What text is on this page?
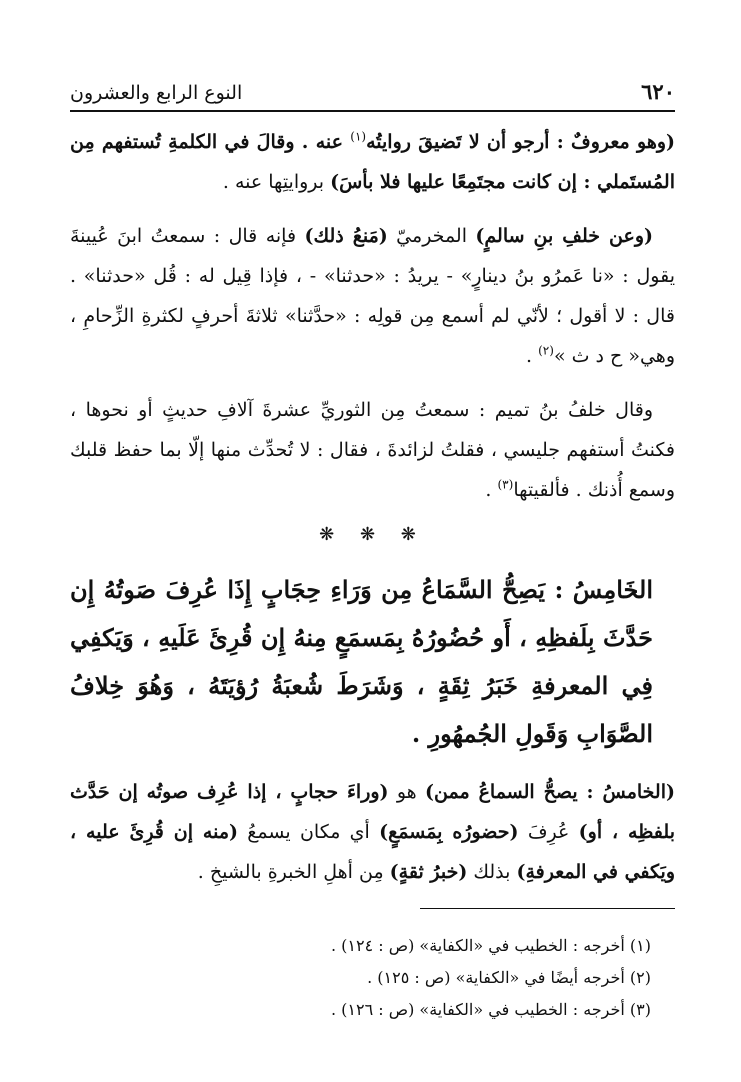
٦٢٠
النوع الرابع والعشرون

(وهو معروفٌ : أرجو أن لا تَضيقَ روايتُه$^{(١)}$ عنه . وقالَ في الكلمةِ تُستفهم مِن المُستَملي : إن كانت مجتَمِعًا عليها فلا بأسَ) بروايتِها عنه .

(وعن خلفِ بنِ سالمٍ) المخرميّ (مَنعُ ذلك) فإنه قال : سمعتُ ابنَ عُيينةَ يقول : «نا عَمرُو بنُ دينارٍ» - يريدُ : «حدثنا» - ، فإذا قِيل له : قُل «حدثنا» . قال : لا أقول ؛ لأنّي لم أسمع مِن قولِه : «حدَّثنا» ثلاثةَ أحرفٍ لكثرةِ الزِّحامِ ، وهي« ح د ث »$^{(٢)}$ .

وقال خلفُ بنُ تميم : سمعتُ مِن الثوريِّ عشرةَ آلافِ حديثٍ أو نحوها ، فكنتُ أستفهم جليسي ، فقلتُ لزائدةَ ، فقال : لا تُحدِّث منها إلّا بما حفظ قلبك وسمع أُذنك . فألقيتها$^{(٣)}$ .

❋ ❋ ❋

الخَامِسُ : يَصِحُّ السَّمَاعُ مِن وَرَاءِ حِجَابٍ إِذَا عُرِفَ صَوتُهُ إِن حَدَّثَ بِلَفظِهِ ، أَو حُضُورُهُ بِمَسمَعٍ مِنهُ إِن قُرِئَ عَلَيهِ ، وَيَكفِي فِي المعرفةِ خَبَرُ ثِقَةٍ ، وَشَرَطَ شُعبَةُ رُؤيَتَهُ ، وَهُوَ خِلافُ الصَّوَابِ وَقَولِ الجُمهُورِ .

(الخامسُ : يصحُّ السماعُ ممن) هو (وراءَ حجابٍ ، إذا عُرِف صوتُه إن حَدَّث بلفظِه ، أو) عُرِفَ (حضورُه بِمَسمَعٍ) أي مكان يسمعُ (منه إن قُرِئَ عليه ، ويَكفي في المعرفةِ) بذلك (خبرُ ثقةٍ) مِن أهلِ الخبرةِ بالشيخِ .

(١) أخرجه : الخطيب في «الكفاية» (ص : ١٢٤) .

(٢) أخرجه أيضًا في «الكفاية» (ص : ١٢٥) .

(٣) أخرجه : الخطيب في «الكفاية» (ص : ١٢٦) .
